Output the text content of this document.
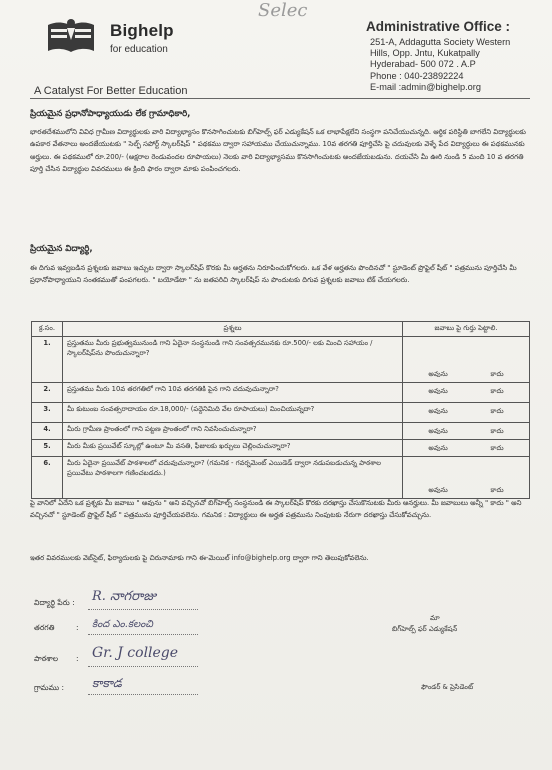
Selec
Bighelp
for education
A Catalyst For Better Education
Administrative Office :
251-A, Addagutta Society Western
Hills, Opp. Jntu, Kukatpally
Hyderabad- 500 072 . A.P
Phone : 040-23892224
E-mail :admin@bighelp.org
ప్రియమైన ప్రధానోపాధ్యాయుడు లేక గ్రామాధికారి,
భారతదేశములోని వివిధ గ్రామీణ విద్యార్థులకు వారి విద్యాభ్యాసం కొనసాగించుటకు బిగ్‌హెల్ప్ ఫర్ ఎడ్యుకేషన్ ఒక లాభాపేక్షలేని సంస్థగా పనిచేయుచున్నది. ఆర్థిక పరిస్థితి బాగలేని విద్యార్థులకు ఉపకార వేతనాలు అందజేయుటకు " సెల్ఫ్ సపోర్ట్ స్కాలర్‌షిప్ " పథకము ద్వారా సహాయము చేయుచున్నాము. 10వ తరగతి పూర్తిచేసి పై చదువులకు వెళ్ళే పేద విద్యార్థులు ఈ పథకమునకు అర్హులు. ఈ పథకములో రూ.200/- (అక్షరాల రెండువందల రూపాయలు) నెలకు వారి విద్యాభ్యాసము కొనసాగించుటకు అందజేయబడును. దయచేసి మీ ఊరి నుండి 5 మంది 10 వ తరగతి పూర్తి చేసిన విద్యార్థుల వివరములు ఈ క్రింది ఫారం ద్వారా మాకు పంపించగలరు.
ప్రియమైన విద్యార్థి,
ఈ దిగువ ఇవ్వబడిన ప్రశ్నలకు జవాబు ఇచ్చుట ద్వారా స్కాలర్‌షిప్ కొరకు మీ అర్హతను నిరూపించుకోగలరు. ఒక వేళ అర్హతను పొందినచో " స్టూడెంట్ ప్రొఫైల్ షీట్ " పత్రమును పూర్తిచేసి మీ ప్రధానోపాధ్యాయుని సంతకముతో పంపగలరు. " బయోడేటా " ను జతపరిచి స్కాలర్‌షిప్ ను పొందుటకు దిగువ ప్రశ్నలకు జవాబు టిక్ చేయగలరు.
క్ర.సం.	ప్రశ్నలు	జవాబు పై గుర్తు పెట్టాలి.
1.	ప్రస్తుతము మీరు ప్రభుత్వమునుండి గాని ఏదైనా సంస్థనుండి గాని సంవత్సరమునకు రూ.500/- లకు మించి సహాయం / స్కాలర్‌షిప్‌ను పొందుచున్నారా?	అవును కాదు

2.	ప్రస్తుతము మీరు 10వ తరగతిలో గాని 10వ తరగతికి పైన గాని చదువుచున్నారా?	అవును కాదు

3.	మీ కుటుంబ సంవత్సరాదాయం రూ.18,000/- (పద్దెనిమిది వేల రూపాయలు) మించియున్నదా?	అవును కాదు

4.	మీరు గ్రామీణ ప్రాంతంలో గాని పట్టణ ప్రాంతంలో గాని నివసించుచున్నారా?	అవును కాదు

5.	మీరు మీకు ప్రయివేట్ స్కూల్లో ఉంటూ మీ వసతి, ఫీజులకు ఖర్చులు చెల్లించుచున్నారా?	అవును కాదు

6.	మీరు ఏదైనా ప్రయివేట్ పాఠశాలలో చదువుచున్నారా? (గమనిక - గవర్నమెంట్ ఎయిడెడ్ ద్వారా నడుపబడుచున్న పాఠశాల ప్రయివేటు పాఠశాలగా గణించబడదు.)	అవును కాదు
పై వానిలో ఏదేని ఒక ప్రశ్నకు మీ జవాబు " అవును " అని వచ్చినచో బిగ్‌హెల్ప్ సంస్థనుండి ఈ స్కాలర్‌షిప్ కొరకు దరఖాస్తు చేసుకొనుటకు మీరు అనర్హులు. మీ జవాబులు అన్నీ " కాదు " అని వచ్చినచో " స్టూడెంట్ ప్రొఫైల్ షీట్ " పత్రమును పూర్తిచేయవలెను. గమనిక : విద్యార్థులు ఈ అర్హత పత్రమును నింపుటకు నేరుగా దరఖాస్తు చేసుకోవచ్చును.
ఇతర వివరములకు వెబ్‌సైట్, ఫిర్యాదులకు పై చిరునామాకు గాని ఈ-మెయిల్ info@bighelp.org ద్వారా గాని తెలుపుకోవలెను.
విద్యార్థి పేరు : R. నాగరాజు
తరగతి	: కింద ఎం.కలంచి
పాఠశాల : Gr. J college
గ్రామము : కాకాడ
మా
బిగ్‌హెల్ప్ ఫర్ ఎడ్యుకేషన్
ఫౌండర్ & ప్రెసిడెంట్
